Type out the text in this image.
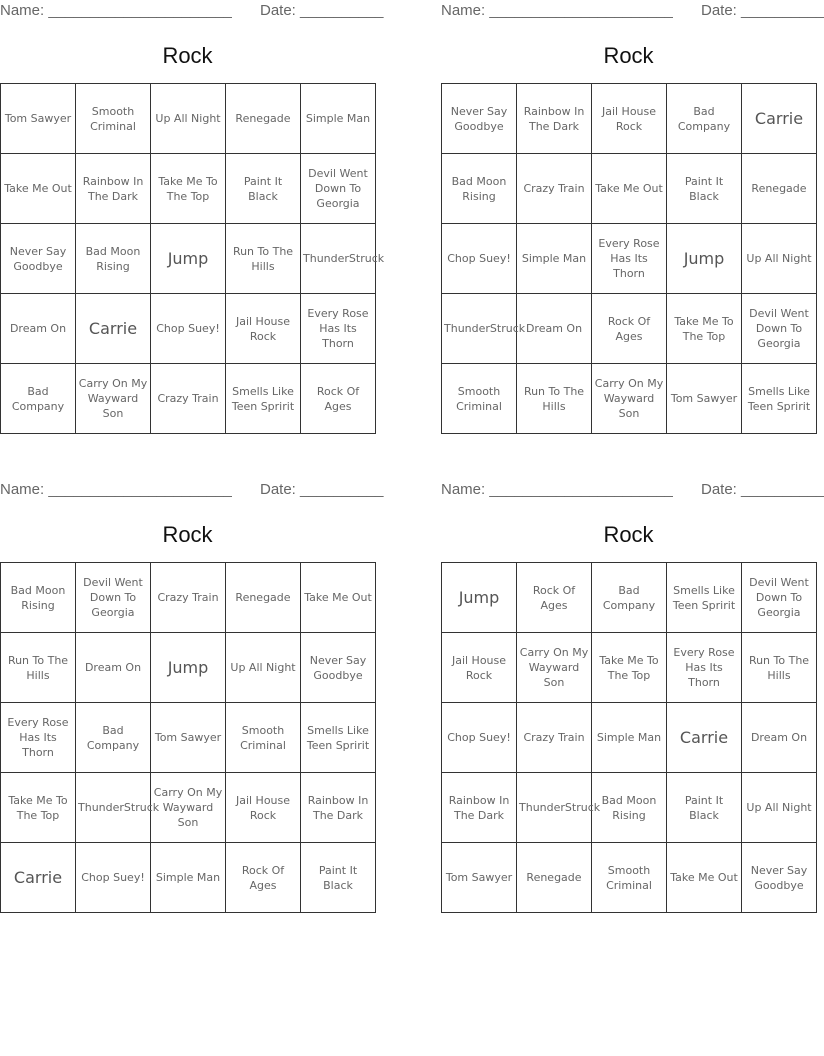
Name: ______________________ Date: __________
Rock
Tom Sawyer	Smooth Criminal	Up All Night	Renegade	Simple Man
Take Me Out	Rainbow In The Dark	Take Me To The Top	Paint It Black	Devil Went Down To Georgia
Never Say Goodbye	Bad Moon Rising	Jump	Run To The Hills	ThunderStruck
Dream On	Carrie	Chop Suey!	Jail House Rock	Every Rose Has Its Thorn
Bad Company	Carry On My Wayward Son	Crazy Train	Smells Like Teen Spririt	Rock Of Ages
Name: ______________________ Date: __________
Rock
Never Say Goodbye	Rainbow In The Dark	Jail House Rock	Bad Company	Carrie
Bad Moon Rising	Crazy Train	Take Me Out	Paint It Black	Renegade
Chop Suey!	Simple Man	Every Rose Has Its Thorn	Jump	Up All Night
ThunderStruck	Dream On	Rock Of Ages	Take Me To The Top	Devil Went Down To Georgia
Smooth Criminal	Run To The Hills	Carry On My Wayward Son	Tom Sawyer	Smells Like Teen Spririt
Name: ______________________ Date: __________
Rock
Bad Moon Rising	Devil Went Down To Georgia	Crazy Train	Renegade	Take Me Out
Run To The Hills	Dream On	Jump	Up All Night	Never Say Goodbye
Every Rose Has Its Thorn	Bad Company	Tom Sawyer	Smooth Criminal	Smells Like Teen Spririt
Take Me To The Top	ThunderStruck	Carry On My Wayward Son	Jail House Rock	Rainbow In The Dark
Carrie	Chop Suey!	Simple Man	Rock Of Ages	Paint It Black
Name: ______________________ Date: __________
Rock
Jump	Rock Of Ages	Bad Company	Smells Like Teen Spririt	Devil Went Down To Georgia
Jail House Rock	Carry On My Wayward Son	Take Me To The Top	Every Rose Has Its Thorn	Run To The Hills
Chop Suey!	Crazy Train	Simple Man	Carrie	Dream On
Rainbow In The Dark	ThunderStruck	Bad Moon Rising	Paint It Black	Up All Night
Tom Sawyer	Renegade	Smooth Criminal	Take Me Out	Never Say Goodbye
